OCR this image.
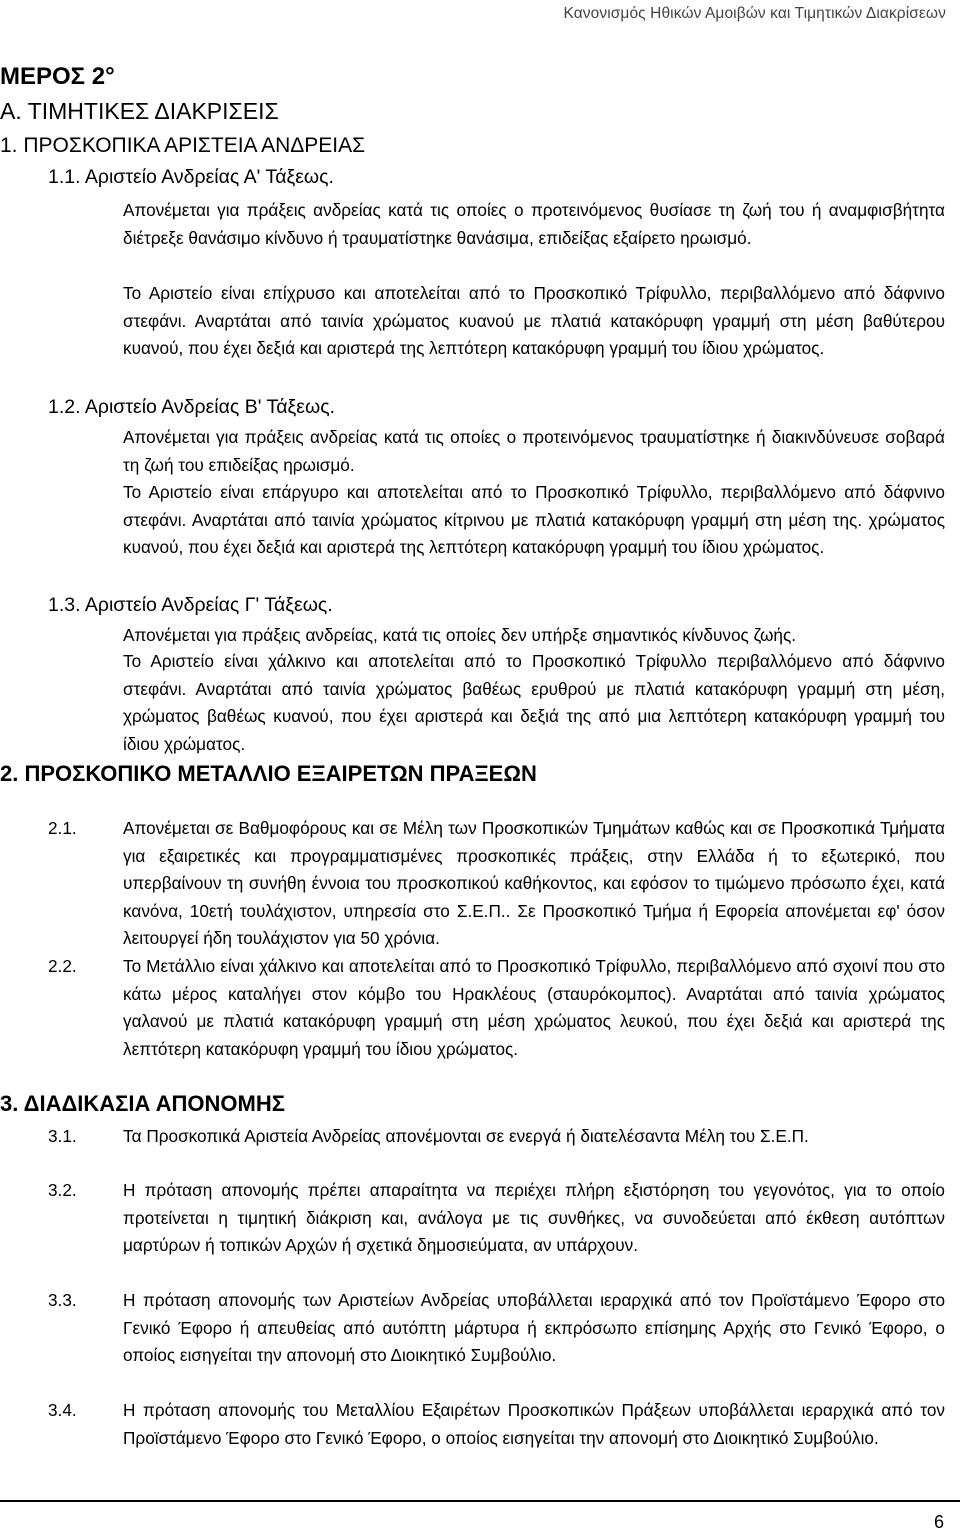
Κανονισμός Ηθικών Αμοιβών και Τιμητικών Διακρίσεων
ΜΕΡΟΣ 2°
Α. ΤΙΜΗΤΙΚΕΣ ΔΙΑΚΡΙΣΕΙΣ
1. ΠΡΟΣΚΟΠΙΚΑ ΑΡΙΣΤΕΙΑ ΑΝΔΡΕΙΑΣ
1.1. Αριστείο Ανδρείας Α' Τάξεως.
Απονέμεται για πράξεις ανδρείας κατά τις οποίες ο προτεινόμενος θυσίασε τη ζωή του ή αναμφισβήτητα διέτρεξε θανάσιμο κίνδυνο ή τραυματίστηκε θανάσιμα, επιδείξας εξαίρετο ηρωισμό.
Το Αριστείο είναι επίχρυσο και αποτελείται από το Προσκοπικό Τρίφυλλο, περιβαλλόμενο από δάφνινο στεφάνι. Αναρτάται από ταινία χρώματος κυανού με πλατιά κατακόρυφη γραμμή στη μέση βαθύτερου κυανού, που έχει δεξιά και αριστερά της λεπτότερη κατακόρυφη γραμμή του ίδιου χρώματος.
1.2. Αριστείο Ανδρείας Β' Τάξεως.
Απονέμεται για πράξεις ανδρείας κατά τις οποίες ο προτεινόμενος τραυματίστηκε ή διακινδύνευσε σοβαρά τη ζωή του επιδείξας ηρωισμό.
Το Αριστείο είναι επάργυρο και αποτελείται από το Προσκοπικό Τρίφυλλο, περιβαλλόμενο από δάφνινο στεφάνι. Αναρτάται από ταινία χρώματος κίτρινου με πλατιά κατακόρυφη γραμμή στη μέση της. χρώματος κυανού, που έχει δεξιά και αριστερά της λεπτότερη κατακόρυφη γραμμή του ίδιου χρώματος.
1.3. Αριστείο Ανδρείας Γ' Τάξεως.
Απονέμεται για πράξεις ανδρείας, κατά τις οποίες δεν υπήρξε σημαντικός κίνδυνος ζωής.
Το Αριστείο είναι χάλκινο και αποτελείται από το Προσκοπικό Τρίφυλλο περιβαλλόμενο από δάφνινο στεφάνι. Αναρτάται από ταινία χρώματος βαθέως ερυθρού με πλατιά κατακόρυφη γραμμή στη μέση, χρώματος βαθέως κυανού, που έχει αριστερά και δεξιά της από μια λεπτότερη κατακόρυφη γραμμή του ίδιου χρώματος.
2. ΠΡΟΣΚΟΠΙΚΟ ΜΕΤΑΛΛΙΟ ΕΞΑΙΡΕΤΩΝ ΠΡΑΞΕΩΝ
2.1.	Απονέμεται σε Βαθμοφόρους και σε Μέλη των Προσκοπικών Τμημάτων καθώς και σε Προσκοπικά Τμήματα για εξαιρετικές και προγραμματισμένες προσκοπικές πράξεις, στην Ελλάδα ή το εξωτερικό, που υπερβαίνουν τη συνήθη έννοια του προσκοπικού καθήκοντος, και εφόσον το τιμώμενο πρόσωπο έχει, κατά κανόνα, 10ετή τουλάχιστον, υπηρεσία στο Σ.Ε.Π.. Σε Προσκοπικό Τμήμα ή Εφορεία απονέμεται εφ' όσον λειτουργεί ήδη τουλάχιστον για 50 χρόνια.
2.2.	Το Μετάλλιο είναι χάλκινο και αποτελείται από το Προσκοπικό Τρίφυλλο, περιβαλλόμενο από σχοινί που στο κάτω μέρος καταλήγει στον κόμβο του Ηρακλέους (σταυρόκομπος). Αναρτάται από ταινία χρώματος γαλανού με πλατιά κατακόρυφη γραμμή στη μέση χρώματος λευκού, που έχει δεξιά και αριστερά της λεπτότερη κατακόρυφη γραμμή του ίδιου χρώματος.
3. ΔΙΑΔΙΚΑΣΙΑ ΑΠΟΝΟΜΗΣ
3.1.	Τα Προσκοπικά Αριστεία Ανδρείας απονέμονται σε ενεργά ή διατελέσαντα Μέλη του Σ.Ε.Π.
3.2.	Η πρόταση απονομής πρέπει απαραίτητα να περιέχει πλήρη εξιστόρηση του γεγονότος, για το οποίο προτείνεται η τιμητική διάκριση και, ανάλογα με τις συνθήκες, να συνοδεύεται από έκθεση αυτόπτων μαρτύρων ή τοπικών Αρχών ή σχετικά δημοσιεύματα, αν υπάρχουν.
3.3.	Η πρόταση απονομής των Αριστείων Ανδρείας υποβάλλεται ιεραρχικά από τον Προϊστάμενο Έφορο στο Γενικό Έφορο ή απευθείας από αυτόπτη μάρτυρα ή εκπρόσωπο επίσημης Αρχής στο Γενικό Έφορο, ο οποίος εισηγείται την απονομή στο Διοικητικό Συμβούλιο.
3.4.	Η πρόταση απονομής του Μεταλλίου Εξαιρέτων Προσκοπικών Πράξεων υποβάλλεται ιεραρχικά από τον Προϊστάμενο Έφορο στο Γενικό Έφορο, ο οποίος εισηγείται την απονομή στο Διοικητικό Συμβούλιο.
6
